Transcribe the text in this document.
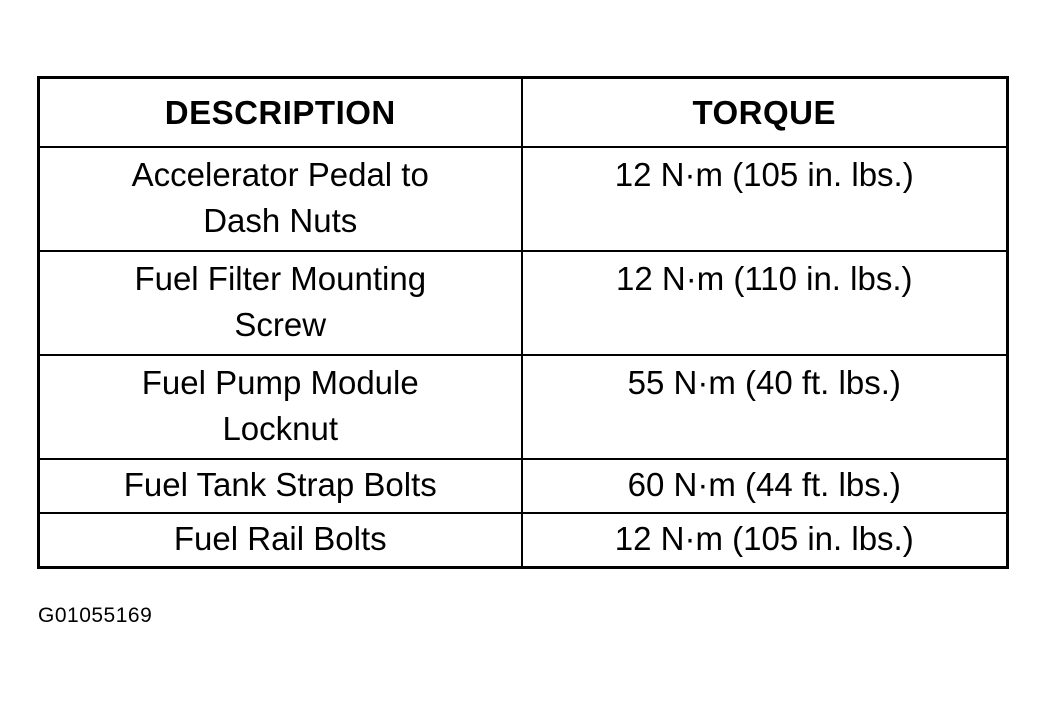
DESCRIPTION	TORQUE

Accelerator Pedal to
Dash Nuts	12 N·m (105 in. lbs.)

Fuel Filter Mounting
Screw	12 N·m (110 in. lbs.)

Fuel Pump Module
Locknut	55 N·m (40 ft. lbs.)

Fuel Tank Strap Bolts	60 N·m (44 ft. lbs.)

Fuel Rail Bolts	12 N·m (105 in. lbs.)
G01055169
